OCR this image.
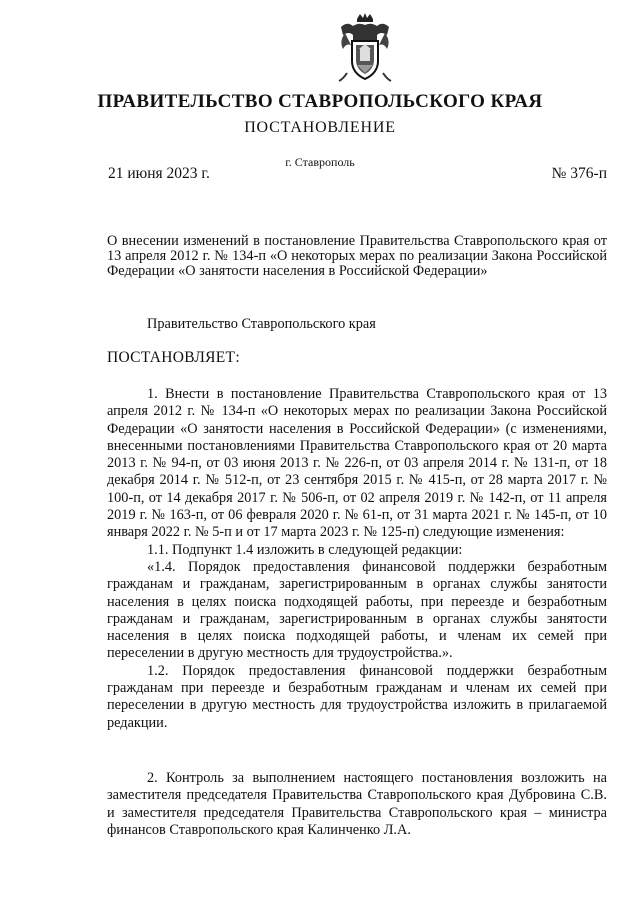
ПРАВИТЕЛЬСТВО СТАВРОПОЛЬСКОГО КРАЯ
ПОСТАНОВЛЕНИЕ
г. Ставрополь
21 июня 2023 г.	№ 376-п
О внесении изменений в постановление Правительства Ставропольского края от 13 апреля 2012 г. № 134-п «О некоторых мерах по реализации Закона Российской Федерации «О занятости населения в Российской Федерации»
Правительство Ставропольского края
ПОСТАНОВЛЯЕТ:

1. Внести в постановление Правительства Ставропольского края от 13 апреля 2012 г. № 134-п «О некоторых мерах по реализации Закона Российской Федерации «О занятости населения в Российской Федерации» (с изменениями, внесенными постановлениями Правительства Ставропольского края от 20 марта 2013 г. № 94-п, от 03 июня 2013 г. № 226-п, от 03 апреля 2014 г. № 131-п, от 18 декабря 2014 г. № 512-п, от 23 сентября 2015 г. № 415-п, от 28 марта 2017 г. № 100-п, от 14 декабря 2017 г. № 506-п, от 02 апреля 2019 г. № 142-п, от 11 апреля 2019 г. № 163-п, от 06 февраля 2020 г. № 61-п, от 31 марта 2021 г. № 145-п, от 10 января 2022 г. № 5-п и от 17 марта 2023 г. № 125-п) следующие изменения:

1.1. Подпункт 1.4 изложить в следующей редакции:

«1.4. Порядок предоставления финансовой поддержки безработным гражданам и гражданам, зарегистрированным в органах службы занятости населения в целях поиска подходящей работы, при переезде и безработным гражданам и гражданам, зарегистрированным в органах службы занятости населения в целях поиска подходящей работы, и членам их семей при переселении в другую местность для трудоустройства.».

1.2. Порядок предоставления финансовой поддержки безработным гражданам при переезде и безработным гражданам и членам их семей при переселении в другую местность для трудоустройства изложить в прилагаемой редакции.

2. Контроль за выполнением настоящего постановления возложить на заместителя председателя Правительства Ставропольского края Дубровина С.В. и заместителя председателя Правительства Ставропольского края – министра финансов Ставропольского края Калинченко Л.А.
